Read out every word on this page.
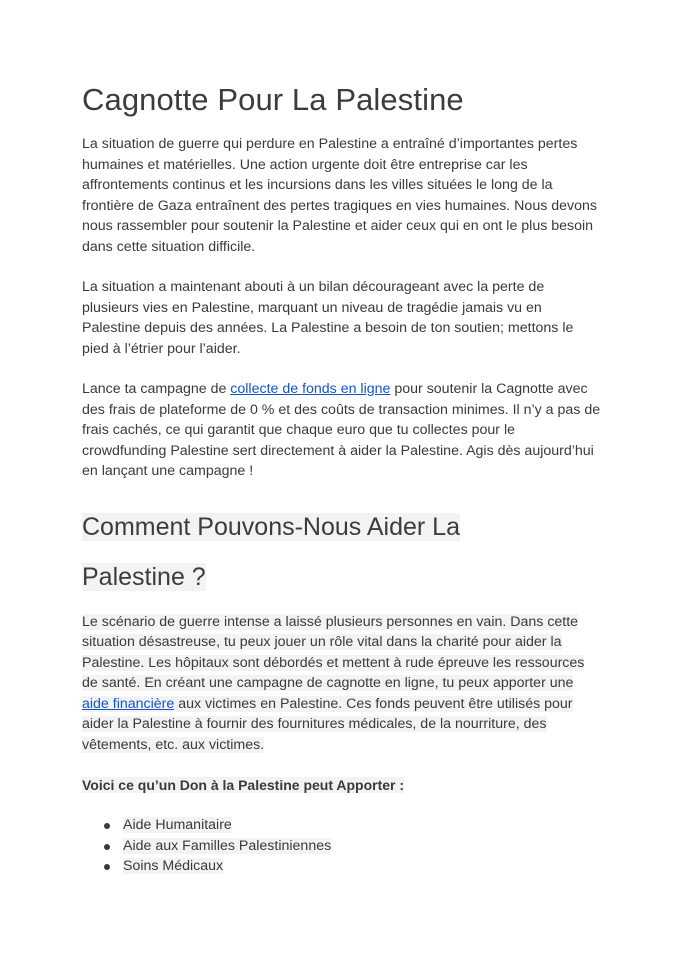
Cagnotte Pour La Palestine

La situation de guerre qui perdure en Palestine a entraîné d’importantes pertes humaines et matérielles. Une action urgente doit être entreprise car les affrontements continus et les incursions dans les villes situées le long de la frontière de Gaza entraînent des pertes tragiques en vies humaines. Nous devons nous rassembler pour soutenir la Palestine et aider ceux qui en ont le plus besoin dans cette situation difficile.

La situation a maintenant abouti à un bilan décourageant avec la perte de plusieurs vies en Palestine, marquant un niveau de tragédie jamais vu en Palestine depuis des années. La Palestine a besoin de ton soutien; mettons le pied à l’étrier pour l’aider.

Lance ta campagne de collecte de fonds en ligne pour soutenir la Cagnotte avec des frais de plateforme de 0 % et des coûts de transaction minimes. Il n’y a pas de frais cachés, ce qui garantit que chaque euro que tu collectes pour le crowdfunding Palestine sert directement à aider la Palestine. Agis dès aujourd’hui en lançant une campagne !

Comment Pouvons-Nous Aider La
Palestine ?

Le scénario de guerre intense a laissé plusieurs personnes en vain. Dans cette situation désastreuse, tu peux jouer un rôle vital dans la charité pour aider la Palestine. Les hôpitaux sont débordés et mettent à rude épreuve les ressources de santé. En créant une campagne de cagnotte en ligne, tu peux apporter une aide financière aux victimes en Palestine. Ces fonds peuvent être utilisés pour aider la Palestine à fournir des fournitures médicales, de la nourriture, des vêtements, etc. aux victimes.

Voici ce qu’un Don à la Palestine peut Apporter :
Aide Humanitaire
Aide aux Familles Palestiniennes
Soins Médicaux
